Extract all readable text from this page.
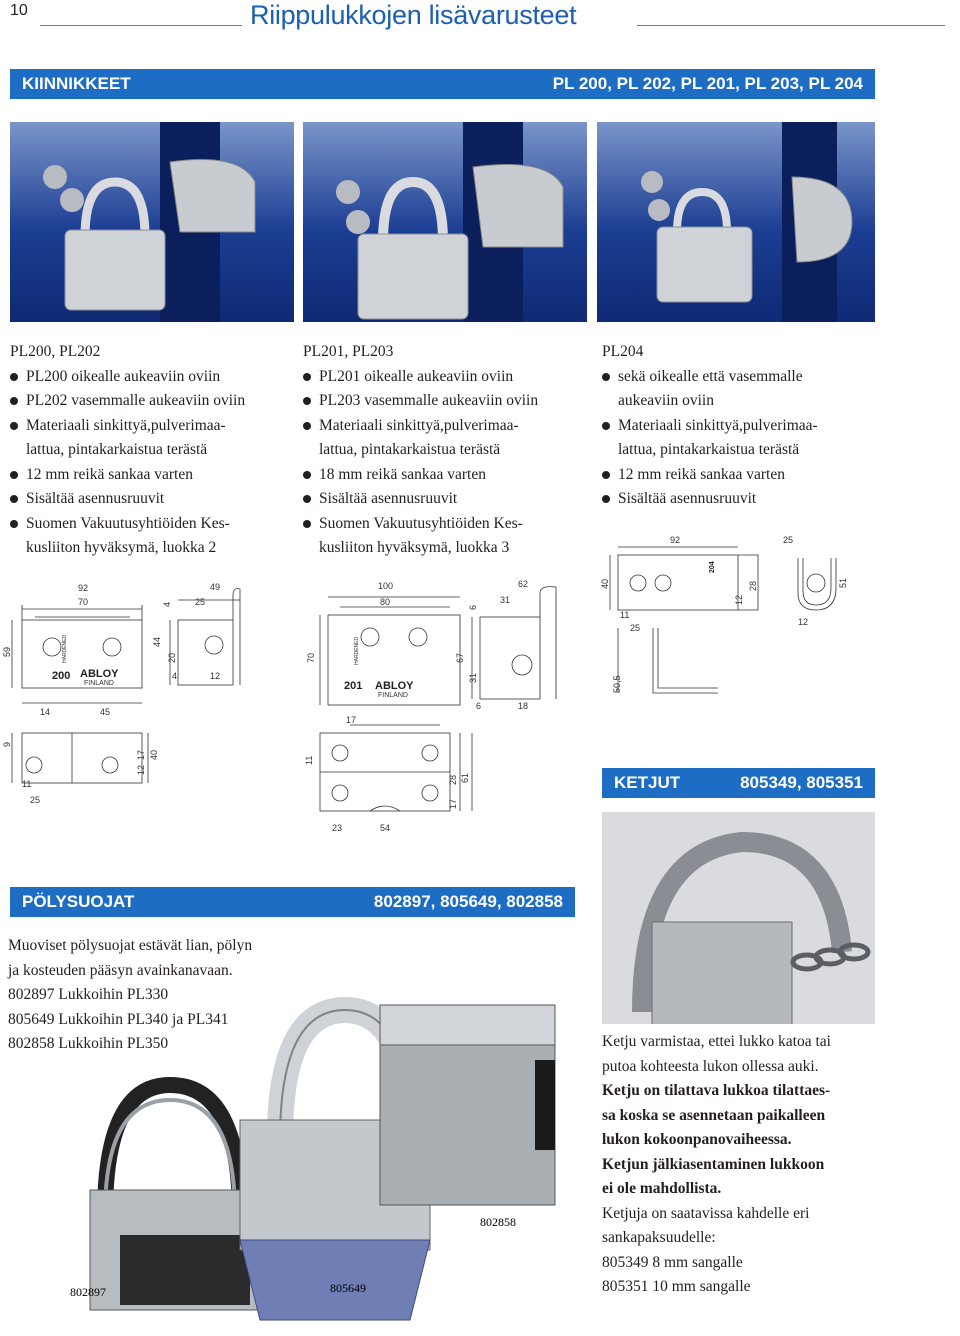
10	Riippulukkojen lisävarusteet
KIINNIKKEET	PL 200, PL 202, PL 201, PL 203, PL 204
PL200, PL202
PL200 oikealle aukeaviin oviin
PL202 vasemmalle aukeaviin oviin
Materiaali sinkittyä,pulverimaa-
lattua, pintakarkaistua terästä
12 mm reikä sankaa varten
Sisältää asennusruuvit
Suomen Vakuutusyhtiöiden Kes-
kusliiton hyväksymä, luokka 2
PL201, PL203
PL201 oikealle aukeaviin oviin
PL203 vasemmalle aukeaviin oviin
Materiaali sinkittyä,pulverimaa-
lattua, pintakarkaistua terästä
18 mm reikä sankaa varten
Sisältää asennusruuvit
Suomen Vakuutusyhtiöiden Kes-
kusliiton hyväksymä, luokka 3
PL204
sekä oikealle että vasemmalle
aukeaviin oviin
Materiaali sinkittyä,pulverimaa-
lattua, pintakarkaistua terästä
12 mm reikä sankaa varten
Sisältää asennusruuvit
92
70	4	25
49
59
44
20
4	12
200 ABLOY
FINLAND
HARDENED
14	45
9
17
12
40
25
11
100
80
6
31
62
70	67
31
6	18
201 ABLOY
FINLAND
HARDENED
17
11
28 61
17
23	54
92	25
40
11
25
12
28	51
12
50,5
204
KETJUT	805349, 805351
Ketju varmistaa, ettei lukko katoa tai
putoa kohteesta lukon ollessa auki.
Ketju on tilattava lukkoa tilattaes-
sa koska se asennetaan paikalleen
lukon kokoonpanovaiheessa.
Ketjun jälkiasentaminen lukkoon
ei ole mahdollista.
Ketjuja on saatavissa kahdelle eri
sankapaksuudelle:
805349 8 mm sangalle
805351 10 mm sangalle
PÖLYSUOJAT	802897, 805649, 802858
Muoviset pölysuojat estävät lian, pölyn
ja kosteuden pääsyn avainkanavaan.
802897 Lukkoihin PL330
805649 Lukkoihin PL340 ja PL341
802858 Lukkoihin PL350
802897	805649
802858
